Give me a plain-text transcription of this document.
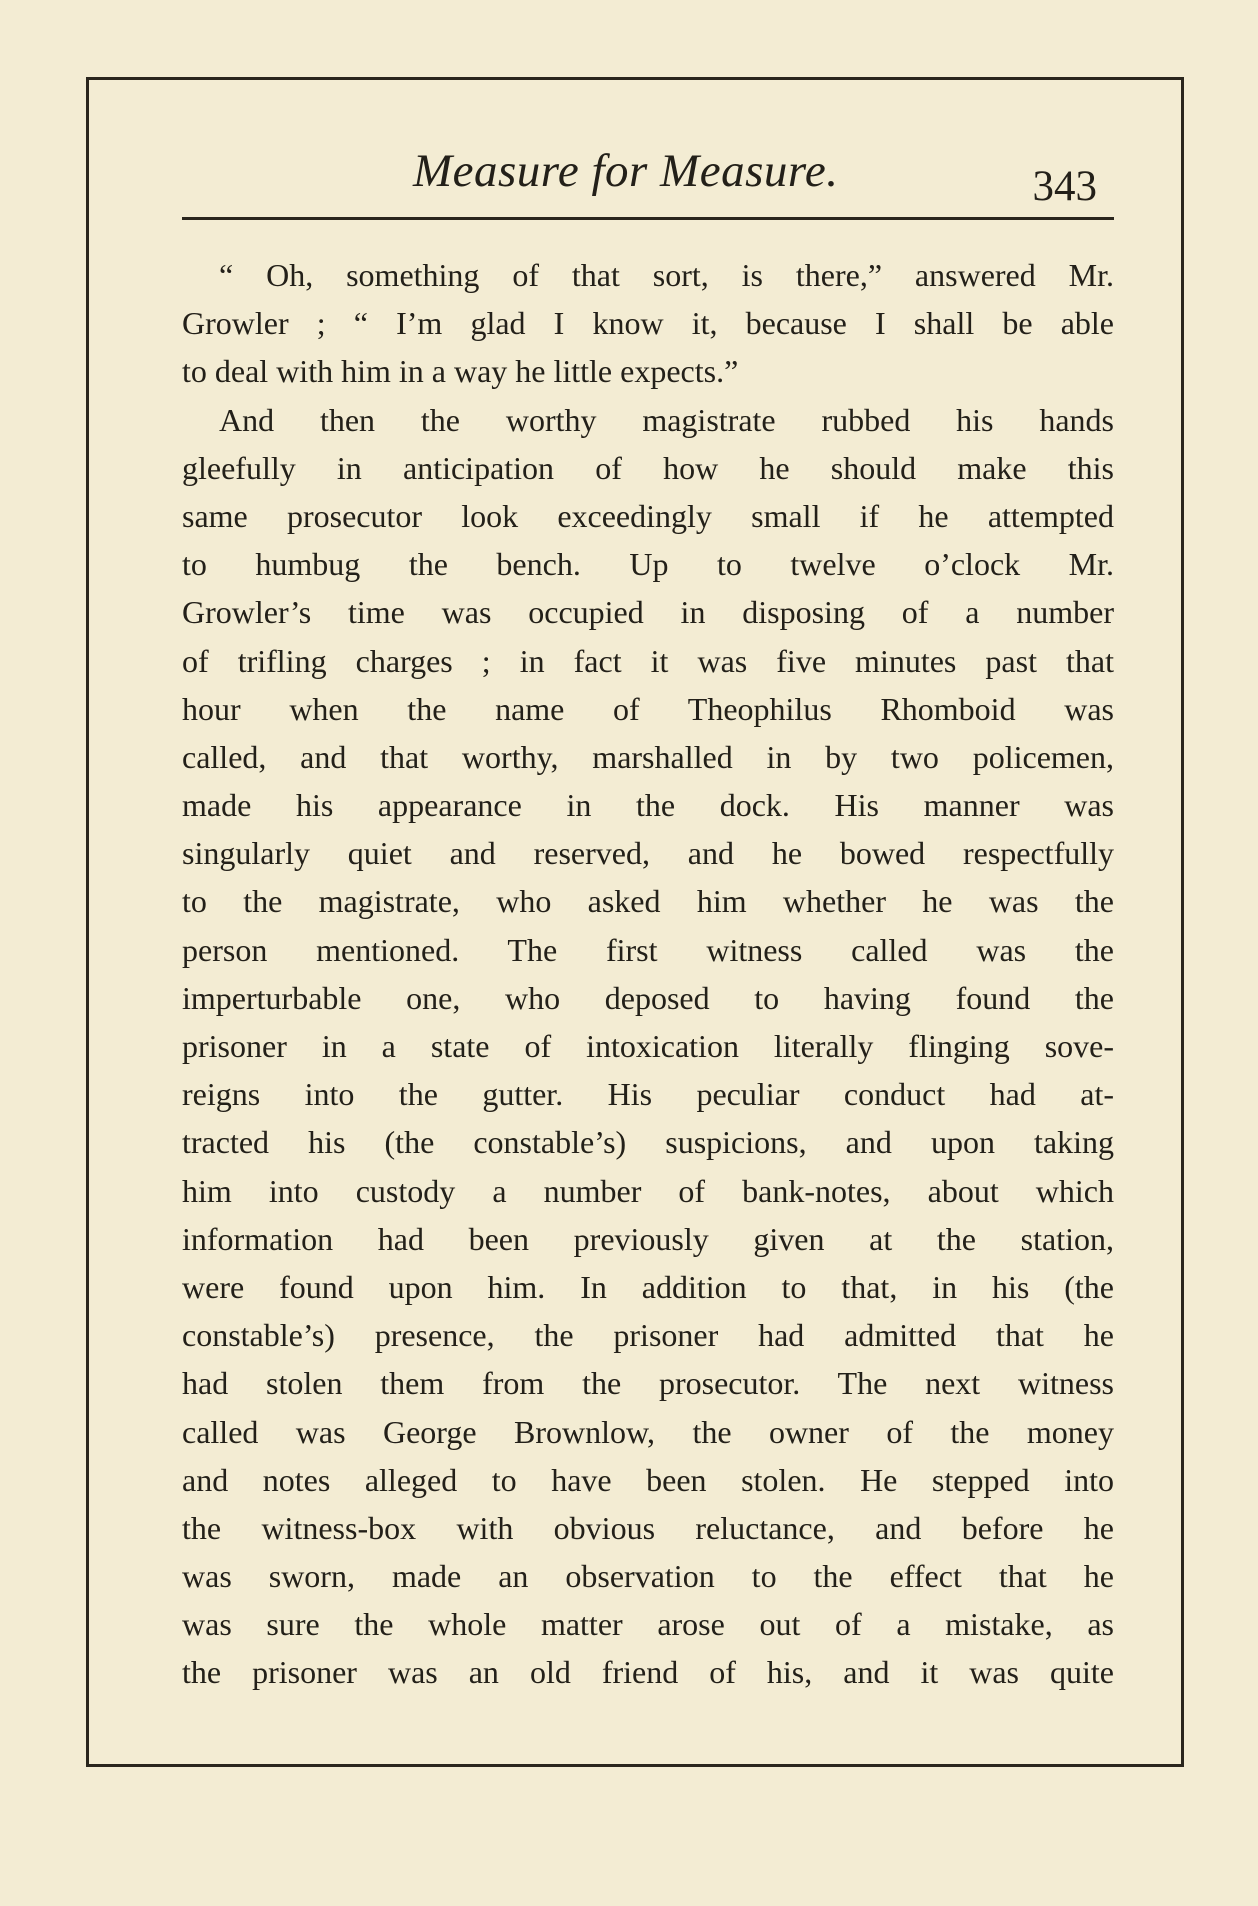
Measure for Measure.	343
“ Oh, something of that sort, is there,” answered Mr.
Growler ; “ I’m glad I know it, because I shall be able
to deal with him in a way he little expects.”
And then the worthy magistrate rubbed his hands
gleefully in anticipation of how he should make this
same prosecutor look exceedingly small if he attempted
to humbug the bench. Up to twelve o’clock Mr.
Growler’s time was occupied in disposing of a number
of trifling charges ; in fact it was five minutes past that
hour when the name of Theophilus Rhomboid was
called, and that worthy, marshalled in by two policemen,
made his appearance in the dock. His manner was
singularly quiet and reserved, and he bowed respectfully
to the magistrate, who asked him whether he was the
person mentioned. The first witness called was the
imperturbable one, who deposed to having found the
prisoner in a state of intoxication literally flinging sove-
reigns into the gutter. His peculiar conduct had at-
tracted his (the constable’s) suspicions, and upon taking
him into custody a number of bank-notes, about which
information had been previously given at the station,
were found upon him. In addition to that, in his (the
constable’s) presence, the prisoner had admitted that he
had stolen them from the prosecutor. The next witness
called was George Brownlow, the owner of the money
and notes alleged to have been stolen. He stepped into
the witness-box with obvious reluctance, and before he
was sworn, made an observation to the effect that he
was sure the whole matter arose out of a mistake, as
the prisoner was an old friend of his, and it was quite
